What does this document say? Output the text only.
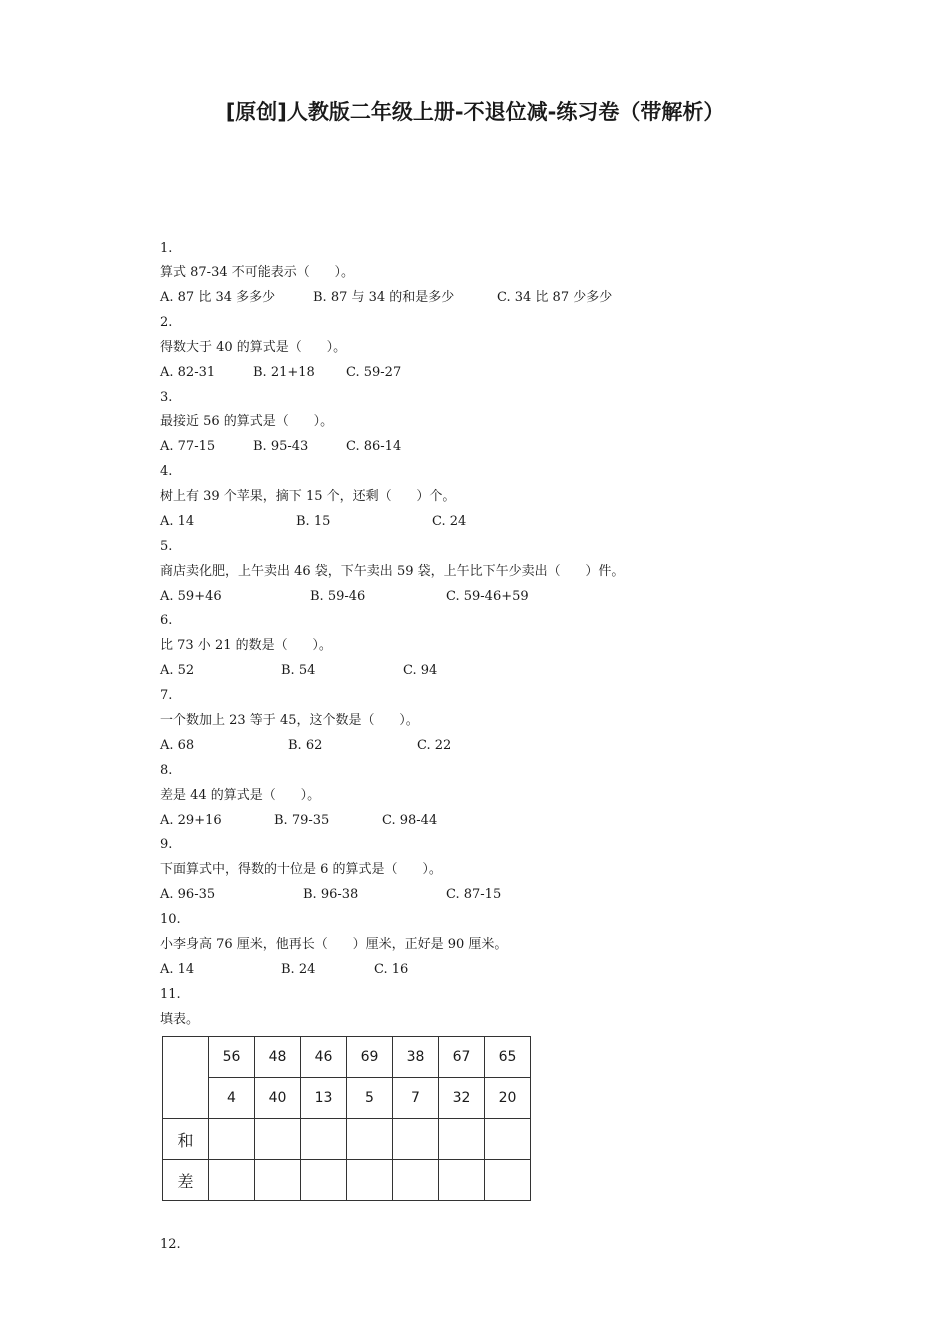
[原创]人教版二年级上册-不退位减-练习卷（带解析）
1.
算式 87-34 不可能表示（      ）。
A. 87 比 34 多多少	B. 87 与 34 的和是多少	C. 34 比 87 少多少
2.
得数大于 40 的算式是（      ）。
A. 82-31	B. 21+18 C. 59-27
3.
最接近 56 的算式是（      ）。
A. 77-15	B. 95-43	C. 86-14
4.
树上有 39 个苹果，摘下 15 个，还剩（      ）个。
A. 14	B. 15	C. 24
5.
商店卖化肥，上午卖出 46 袋，下午卖出 59 袋，上午比下午少卖出（      ）件。
A. 59+46	B. 59-46	C. 59-46+59
6.
比 73 小 21 的数是（      ）。
A. 52	B. 54	C. 94
7.
一个数加上 23 等于 45，这个数是（      ）。
A. 68	B. 62	C. 22
8.
差是 44 的算式是（      ）。
A. 29+16	B. 79-35	C. 98-44
9.
下面算式中，得数的十位是 6 的算式是（      ）。
A. 96-35	B. 96-38	C. 87-15
10.
小李身高 76 厘米，他再长（      ）厘米，正好是 90 厘米。
A. 14	B. 24	C. 16
11.
填表。
	56	48	46	69	38	67	65
	4	40	13	5	7	32	20
和							
差							
12.
